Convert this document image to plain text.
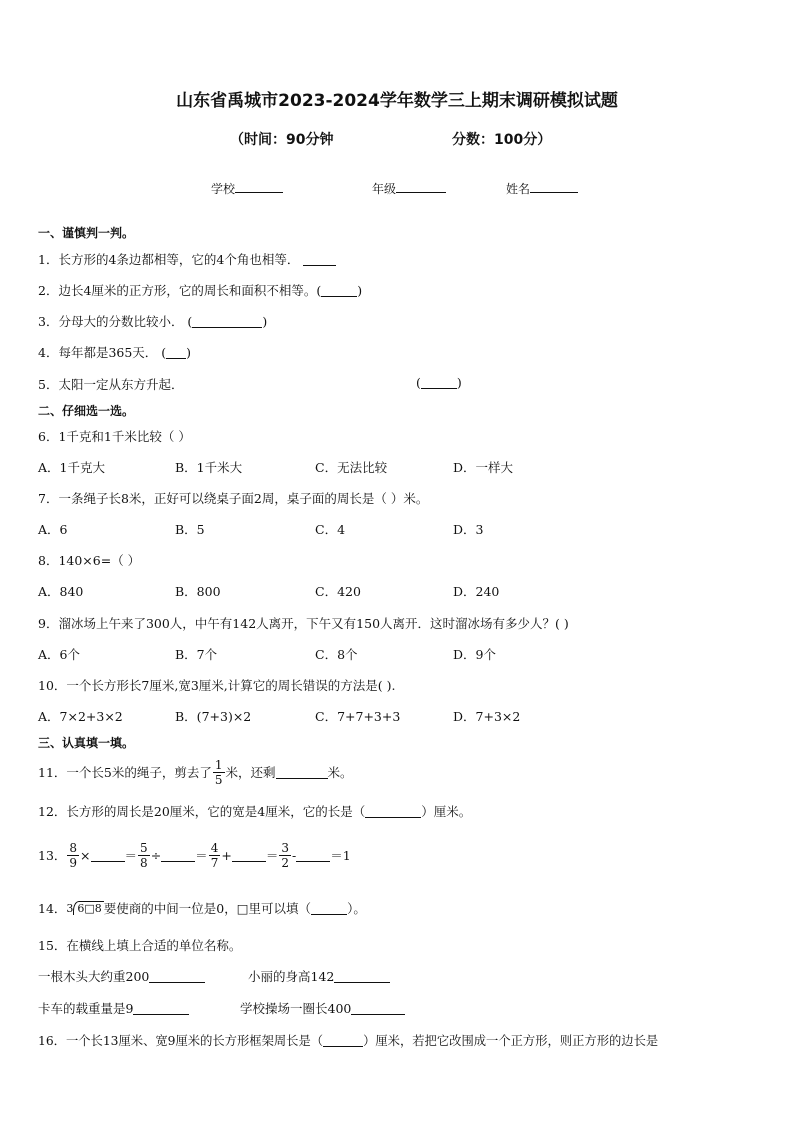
山东省禹城市2023-2024学年数学三上期末调研模拟试题
（时间：90分钟	分数：100分）
学校	年级	姓名
一、谨慎判一判。
1．长方形的4条边都相等，它的4个角也相等．
2．边长4厘米的正方形，它的周长和面积不相等。(	)
3．分母大的分数比较小． (	)
4．每年都是365天． ( )
5．太阳一定从东方升起．	(	)
二、仔细选一选。
6．1千克和1千米比较（ ）
A．1千克大	B．1千米大	C．无法比较	D．一样大
7．一条绳子长8米，正好可以绕桌子面2周，桌子面的周长是（ ）米。
A．6	B．5	C．4	D．3
8．140×6=（ ）
A．840	B．800	C．420	D．240
9．溜冰场上午来了300人，中午有142人离开，下午又有150人离开．这时溜冰场有多少人？( )
A．6个	B．7个	C．8个	D．9个
10．一个长方形长7厘米,宽3厘米,计算它的周长错误的方法是( ).
A．7×2+3×2	B．(7+3)×2	C．7+7+3+3	D．7+3×2
三、认真填一填。
11．一个长5米的绳子，剪去了 $\frac{1}{5}$ 米，还剩	米。
12．长方形的周长是20厘米，它的宽是4厘米，它的长是（	）厘米。
13． $\frac{8}{9}$ ×	＝ $\frac{5}{8}$ ÷	＝ $\frac{4}{7}$ +	＝ $\frac{3}{2}$ -	＝1
14． 3 6□8 要使商的中间一位是0，□里可以填（	）。
15．在横线上填上合适的单位名称。
一根木头大约重200	小丽的身高142
卡车的载重量是9	学校操场一圈长400
16．一个长13厘米、宽9厘米的长方形框架周长是（	）厘米，若把它改围成一个正方形，则正方形的边长是
